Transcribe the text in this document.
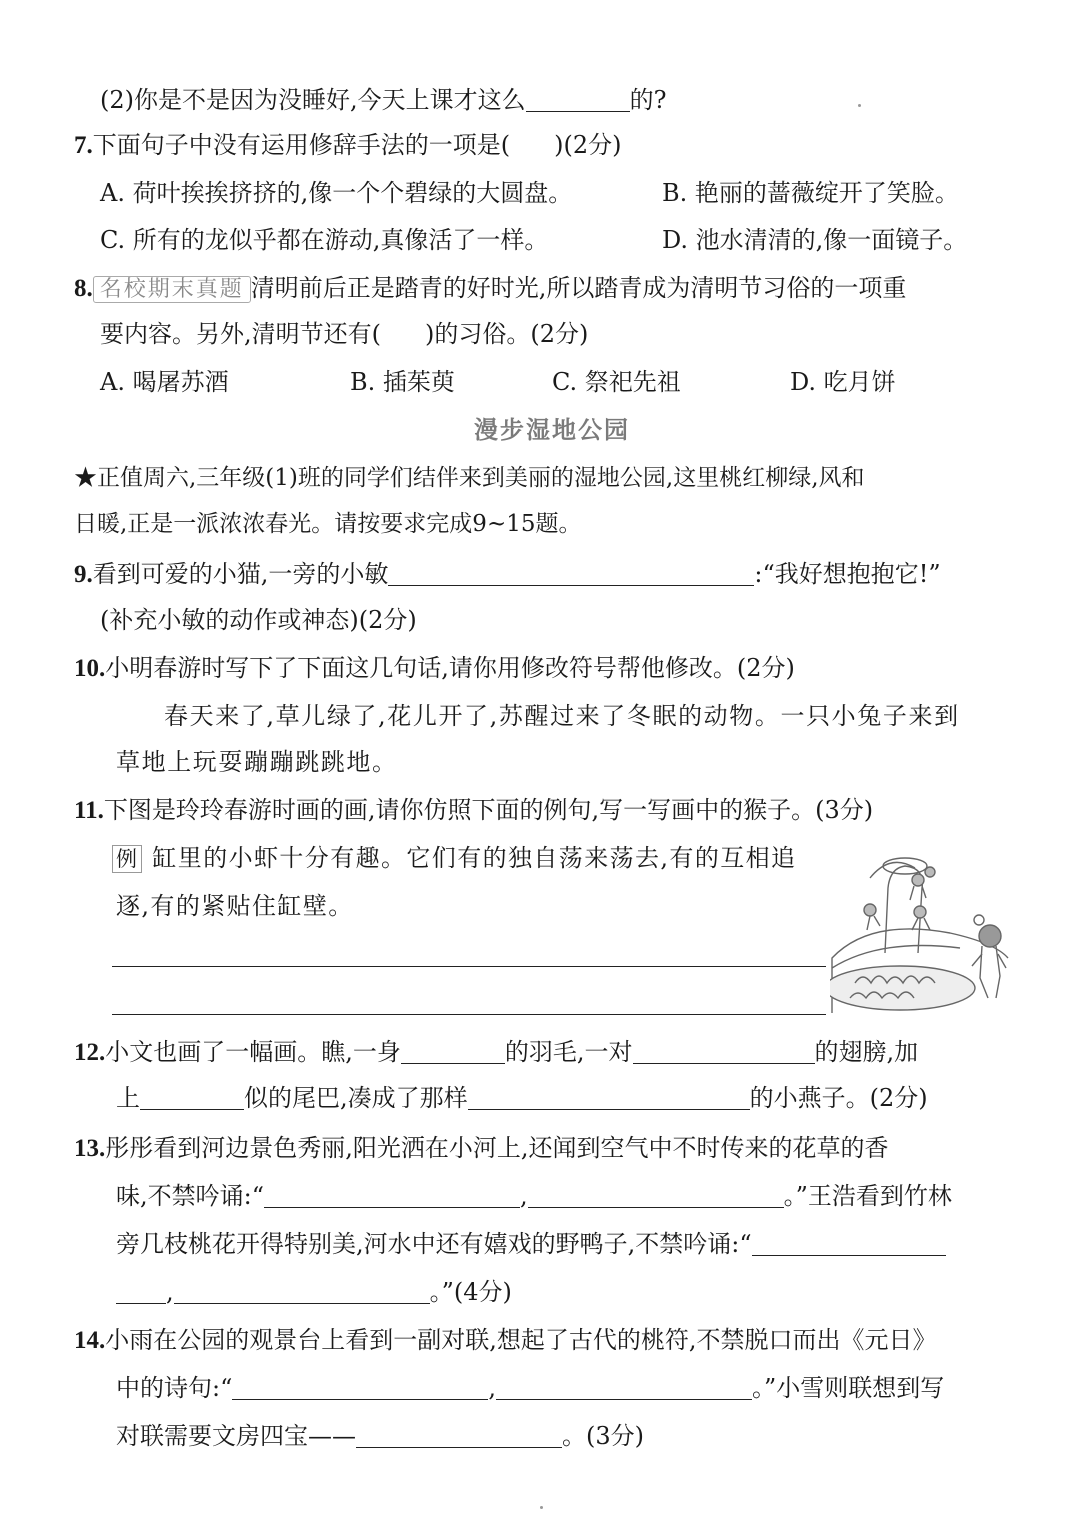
(2)你是不是因为没睡好,今天上课才这么	的?
7.下面句子中没有运用修辞手法的一项是( )(2分)
A. 荷叶挨挨挤挤的,像一个个碧绿的大圆盘。	B. 艳丽的蔷薇绽开了笑脸。
C. 所有的龙似乎都在游动,真像活了一样。	D. 池水清清的,像一面镜子。
8. 名校期末真题 清明前后正是踏青的好时光,所以踏青成为清明节习俗的一项重
要内容。另外,清明节还有( )的习俗。(2分)
A. 喝屠苏酒	B. 插茱萸	C. 祭祀先祖	D. 吃月饼
漫步湿地公园
★正值周六,三年级(1)班的同学们结伴来到美丽的湿地公园,这里桃红柳绿,风和
日暖,正是一派浓浓春光。请按要求完成9~15题。
9.看到可爱的小猫,一旁的小敏	:“我好想抱抱它!”
(补充小敏的动作或神态)(2分)
10.小明春游时写下了下面这几句话,请你用修改符号帮他修改。(2分)
春天来了,草儿绿了,花儿开了,苏醒过来了冬眠的动物。一只小兔子来到
草地上玩耍蹦蹦跳跳地。
11.下图是玲玲春游时画的画,请你仿照下面的例句,写一写画中的猴子。(3分)
例 缸里的小虾十分有趣。它们有的独自荡来荡去,有的互相追
逐,有的紧贴住缸壁。
12.小文也画了一幅画。瞧,一身	的羽毛,一对	的翅膀,加
上	似的尾巴,凑成了那样	的小燕子。(2分)
13.彤彤看到河边景色秀丽,阳光洒在小河上,还闻到空气中不时传来的花草的香
味,不禁吟诵:“	,	。”王浩看到竹林
旁几枝桃花开得特别美,河水中还有嬉戏的野鸭子,不禁吟诵:“
,	。”(4分)
14.小雨在公园的观景台上看到一副对联,想起了古代的桃符,不禁脱口而出《元日》
中的诗句:“	,	。”小雪则联想到写
对联需要文房四宝——	。(3分)
